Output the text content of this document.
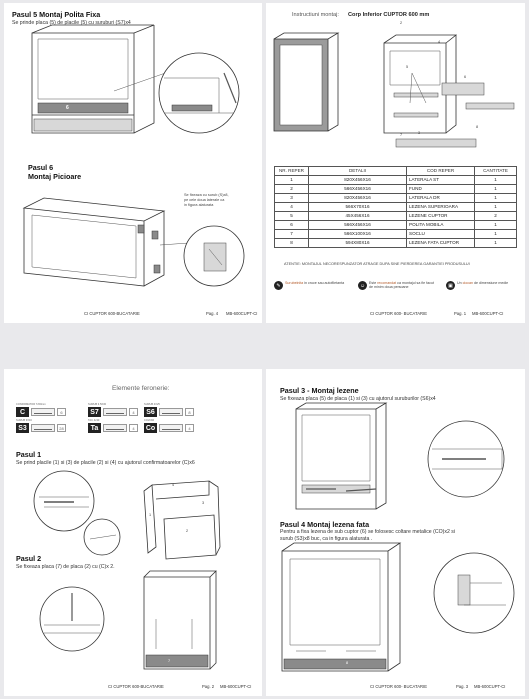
Pasul 5 Montaj Polita Fixa
Se prinde placa (5) de placile (5) cu suruburi (S7)x4
6
Pasul 6
Montaj Picioare
Se fixeaza cu surub (S)x8,
pe cele doua laterale ca
in figura alaturata
CI CUPTOR 600-BUCATARIE	Pag. 4 MB-600CUPT-CI
Instructiuni montaj: Corp Inferior CUPTOR 600 mm
2
3
4
5
6
7
8
NR. REPER	DETALII	COD REPER	CANTITATE
1	820X456X16	LATERALA ST	1
2	566X456X16	FUND	1
3	820X456X16	LATERALA DR	1
4	566X70X16	LEZENA SUPERIOARA	1
5	45X456X16	LEZENE CUPTOR	2
6	566X456X16	POLITA MOBILA	1
7	566X100X16	SOCLU	1
8	594X80X16	LEZENA FATA CUPTOR	1
ATENTIE: MONTAJUL NECORESPUNZATOR ATRAGE DUPA SINE PIERDEREA GARANTIEI PRODUSULUI
✎	Surubelnita in cruce sau autofiletanta	☺	Este recomandat ca montajul sa fie facut de minim doua persoane	▣	Un ciocan de dimensiune medie
CI CUPTOR 600- BUCATARIE	Pag. 1 MB-600CUPT-CI
Elemente feronerie:
CONFIRMATOR 7x50mm
C	6
SURUB 3.5X30
S7	4
SURUB 4X25
S6	8
SURUB 3X16
S3	28
TAC 4x30
Ta	4
COLTAR
Co	4
Pasul 1
Se prind placile (1) si (3) de placile (2) si (4) cu ajutorul confirmatoarelor (C)x6
1
2
3
4
Pasul 2
Se fixeaza placa (7) de placa (2) cu (C)x 2.
7
CI CUPTOR 600-BUCATARIE	Pag. 2 MB-600CUPT-CI
Pasul 3 - Montaj lezene
Se fixeaza placa (5) de placa (1) si (3) cu ajutorul suruburilor (S6)x4
Pasul 4 Montaj lezena fata
Pentru a fixa lezena de sub cuptor (6) se folosesc coltare metalice (CO)x2 si
surub (S3)x8 buc, ca in figura alaturata .
8
CI CUPTOR 600- BUCATARIE	Pag. 3 MB-600CUPT-CI
